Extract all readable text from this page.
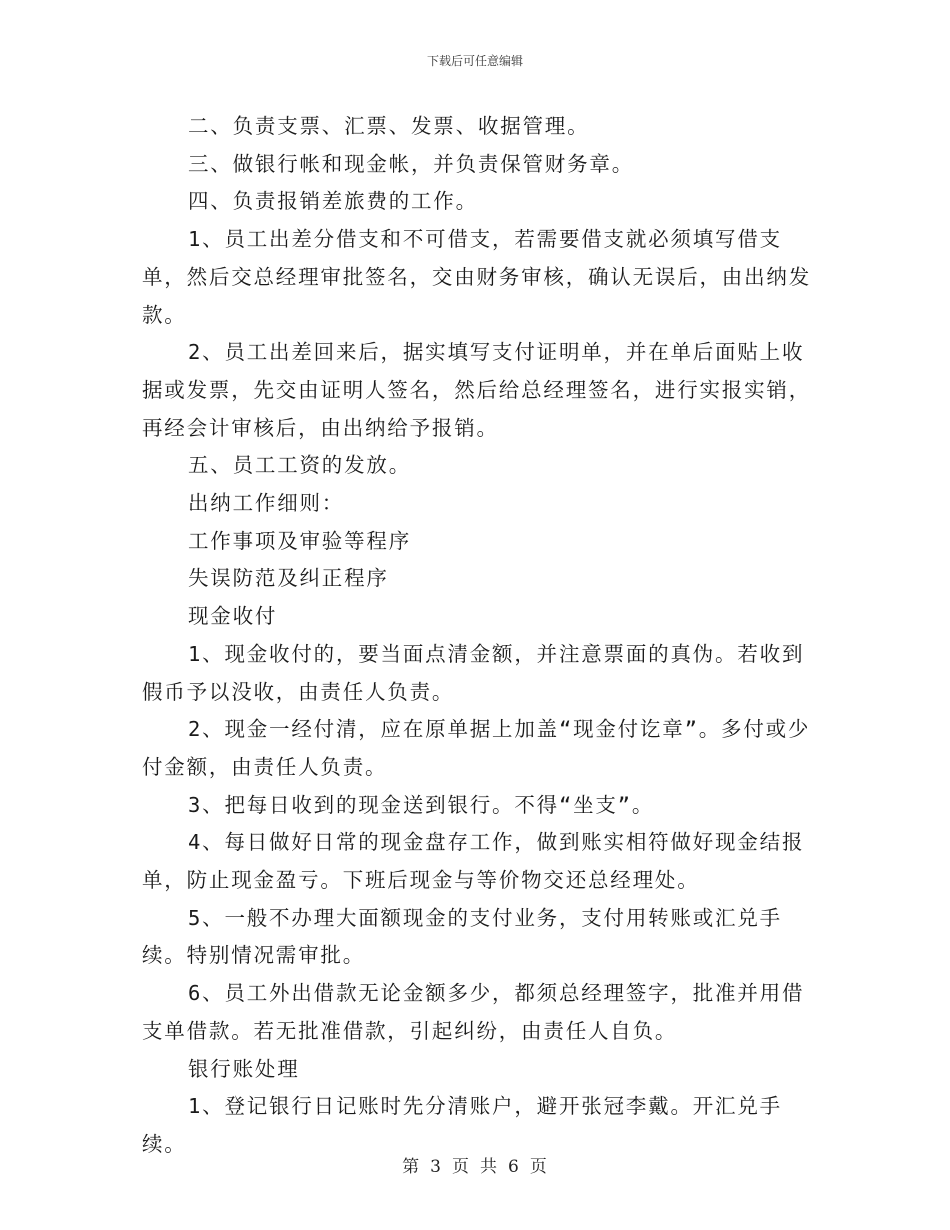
下载后可任意编辑

二、负责支票、汇票、发票、收据管理。

三、做银行帐和现金帐，并负责保管财务章。

四、负责报销差旅费的工作。

1、员工出差分借支和不可借支，若需要借支就必须填写借支单，然后交总经理审批签名，交由财务审核，确认无误后，由出纳发款。

2、员工出差回来后，据实填写支付证明单，并在单后面贴上收据或发票，先交由证明人签名，然后给总经理签名，进行实报实销，再经会计审核后，由出纳给予报销。

五、员工工资的发放。

出纳工作细则：

工作事项及审验等程序

失误防范及纠正程序

现金收付

1、现金收付的，要当面点清金额，并注意票面的真伪。若收到假币予以没收，由责任人负责。

2、现金一经付清，应在原单据上加盖“现金付讫章”。多付或少付金额，由责任人负责。

3、把每日收到的现金送到银行。不得“坐支”。

4、每日做好日常的现金盘存工作，做到账实相符做好现金结报单，防止现金盈亏。下班后现金与等价物交还总经理处。

5、一般不办理大面额现金的支付业务，支付用转账或汇兑手续。特别情况需审批。

6、员工外出借款无论金额多少，都须总经理签字，批准并用借支单借款。若无批准借款，引起纠纷，由责任人自负。

银行账处理

1、登记银行日记账时先分清账户，避开张冠李戴。开汇兑手续。

第 3 页 共 6 页
